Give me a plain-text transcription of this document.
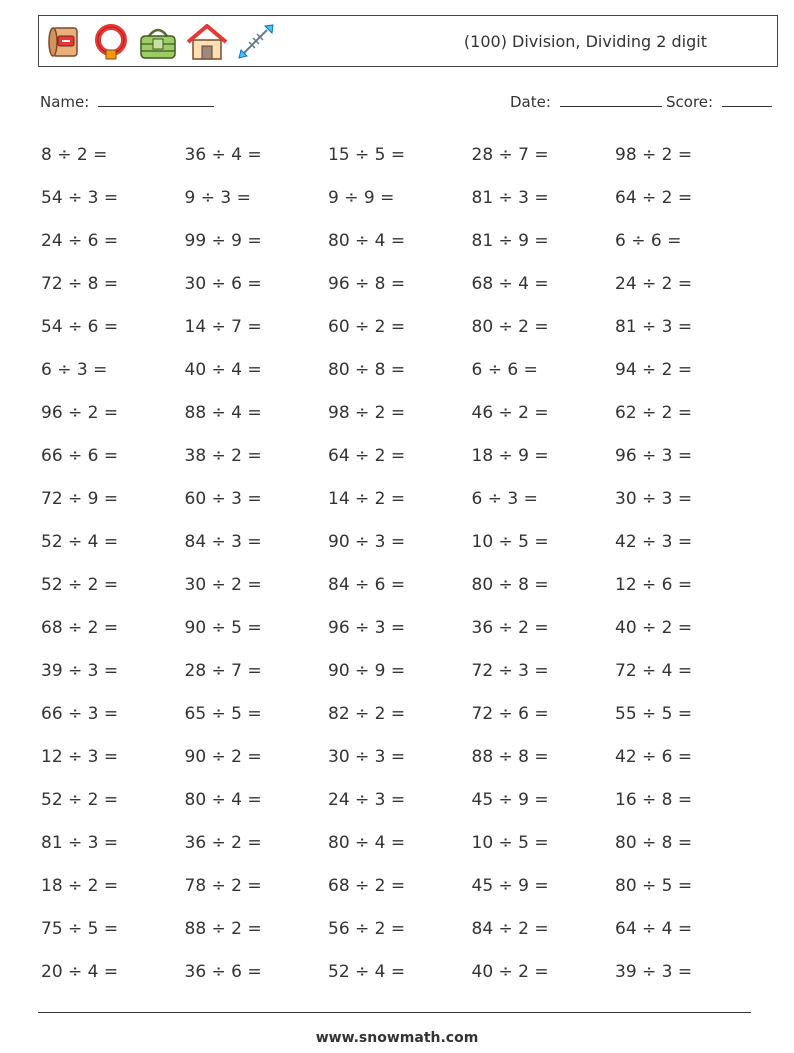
(100) Division, Dividing 2 digit
Name:	Date:	Score:
8 ÷ 2 =	36 ÷ 4 =	15 ÷ 5 =	28 ÷ 7 =	98 ÷ 2 =
54 ÷ 3 =	9 ÷ 3 =	9 ÷ 9 =	81 ÷ 3 =	64 ÷ 2 =
24 ÷ 6 =	99 ÷ 9 =	80 ÷ 4 =	81 ÷ 9 =	6 ÷ 6 =
72 ÷ 8 =	30 ÷ 6 =	96 ÷ 8 =	68 ÷ 4 =	24 ÷ 2 =
54 ÷ 6 =	14 ÷ 7 =	60 ÷ 2 =	80 ÷ 2 =	81 ÷ 3 =
6 ÷ 3 =	40 ÷ 4 =	80 ÷ 8 =	6 ÷ 6 =	94 ÷ 2 =
96 ÷ 2 =	88 ÷ 4 =	98 ÷ 2 =	46 ÷ 2 =	62 ÷ 2 =
66 ÷ 6 =	38 ÷ 2 =	64 ÷ 2 =	18 ÷ 9 =	96 ÷ 3 =
72 ÷ 9 =	60 ÷ 3 =	14 ÷ 2 =	6 ÷ 3 =	30 ÷ 3 =
52 ÷ 4 =	84 ÷ 3 =	90 ÷ 3 =	10 ÷ 5 =	42 ÷ 3 =
52 ÷ 2 =	30 ÷ 2 =	84 ÷ 6 =	80 ÷ 8 =	12 ÷ 6 =
68 ÷ 2 =	90 ÷ 5 =	96 ÷ 3 =	36 ÷ 2 =	40 ÷ 2 =
39 ÷ 3 =	28 ÷ 7 =	90 ÷ 9 =	72 ÷ 3 =	72 ÷ 4 =
66 ÷ 3 =	65 ÷ 5 =	82 ÷ 2 =	72 ÷ 6 =	55 ÷ 5 =
12 ÷ 3 =	90 ÷ 2 =	30 ÷ 3 =	88 ÷ 8 =	42 ÷ 6 =
52 ÷ 2 =	80 ÷ 4 =	24 ÷ 3 =	45 ÷ 9 =	16 ÷ 8 =
81 ÷ 3 =	36 ÷ 2 =	80 ÷ 4 =	10 ÷ 5 =	80 ÷ 8 =
18 ÷ 2 =	78 ÷ 2 =	68 ÷ 2 =	45 ÷ 9 =	80 ÷ 5 =
75 ÷ 5 =	88 ÷ 2 =	56 ÷ 2 =	84 ÷ 2 =	64 ÷ 4 =
20 ÷ 4 =	36 ÷ 6 =	52 ÷ 4 =	40 ÷ 2 =	39 ÷ 3 =
www.snowmath.com
